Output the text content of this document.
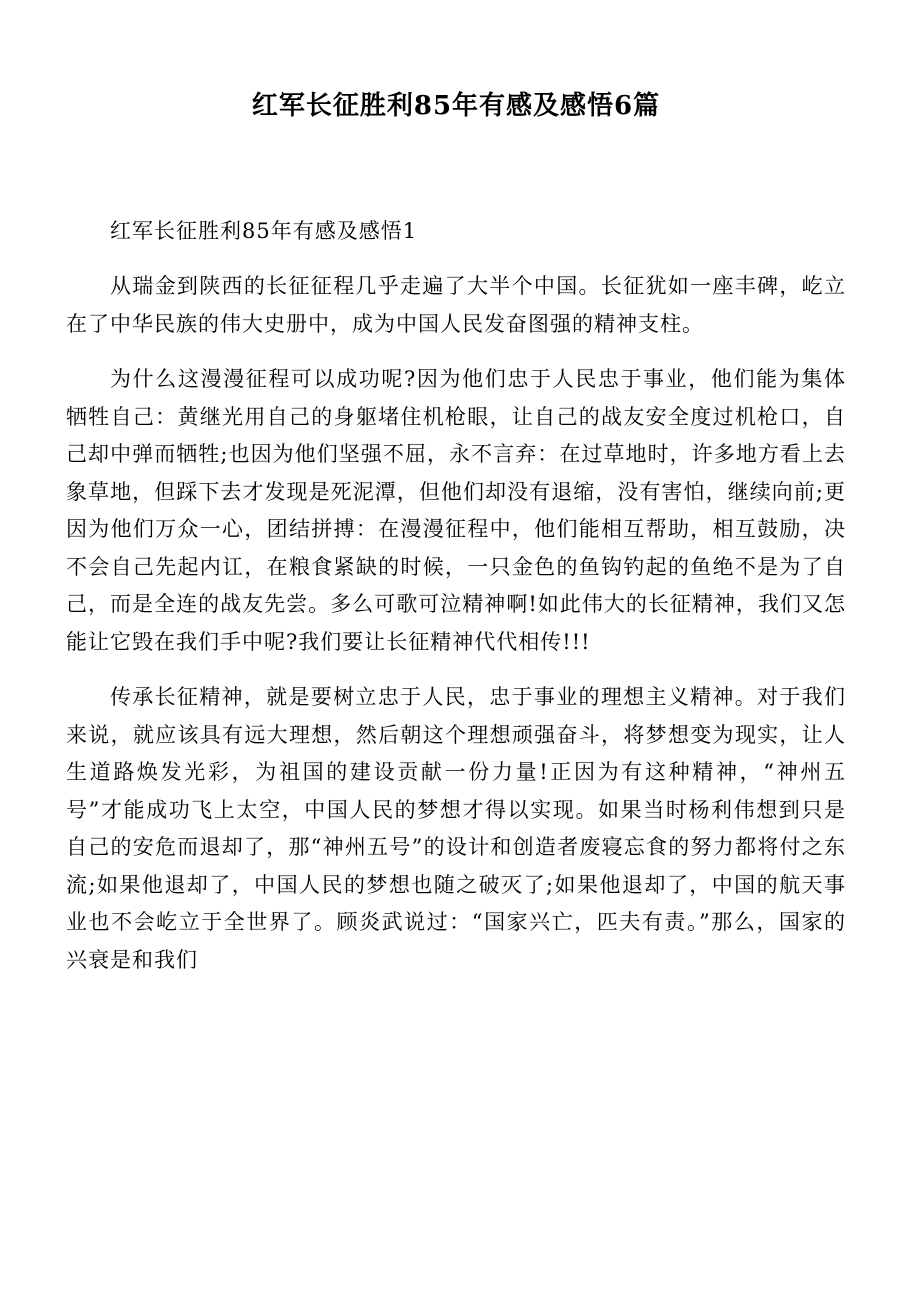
红军长征胜利85年有感及感悟6篇

红军长征胜利85年有感及感悟1

从瑞金到陕西的长征征程几乎走遍了大半个中国。长征犹如一座丰碑，屹立在了中华民族的伟大史册中，成为中国人民发奋图强的精神支柱。

为什么这漫漫征程可以成功呢?因为他们忠于人民忠于事业，他们能为集体牺牲自己：黄继光用自己的身躯堵住机枪眼，让自己的战友安全度过机枪口，自己却中弹而牺牲;也因为他们坚强不屈，永不言弃：在过草地时，许多地方看上去象草地，但踩下去才发现是死泥潭，但他们却没有退缩，没有害怕，继续向前;更因为他们万众一心，团结拼搏：在漫漫征程中，他们能相互帮助，相互鼓励，决不会自己先起内讧，在粮食紧缺的时候，一只金色的鱼钩钓起的鱼绝不是为了自己，而是全连的战友先尝。多么可歌可泣精神啊!如此伟大的长征精神，我们又怎能让它毁在我们手中呢?我们要让长征精神代代相传!!!

传承长征精神，就是要树立忠于人民，忠于事业的理想主义精神。对于我们来说，就应该具有远大理想，然后朝这个理想顽强奋斗，将梦想变为现实，让人生道路焕发光彩，为祖国的建设贡献一份力量!正因为有这种精神，“神州五号”才能成功飞上太空，中国人民的梦想才得以实现。如果当时杨利伟想到只是自己的安危而退却了，那“神州五号”的设计和创造者废寝忘食的努力都将付之东流;如果他退却了，中国人民的梦想也随之破灭了;如果他退却了，中国的航天事业也不会屹立于全世界了。顾炎武说过：“国家兴亡，匹夫有责。”那么，国家的兴衰是和我们
